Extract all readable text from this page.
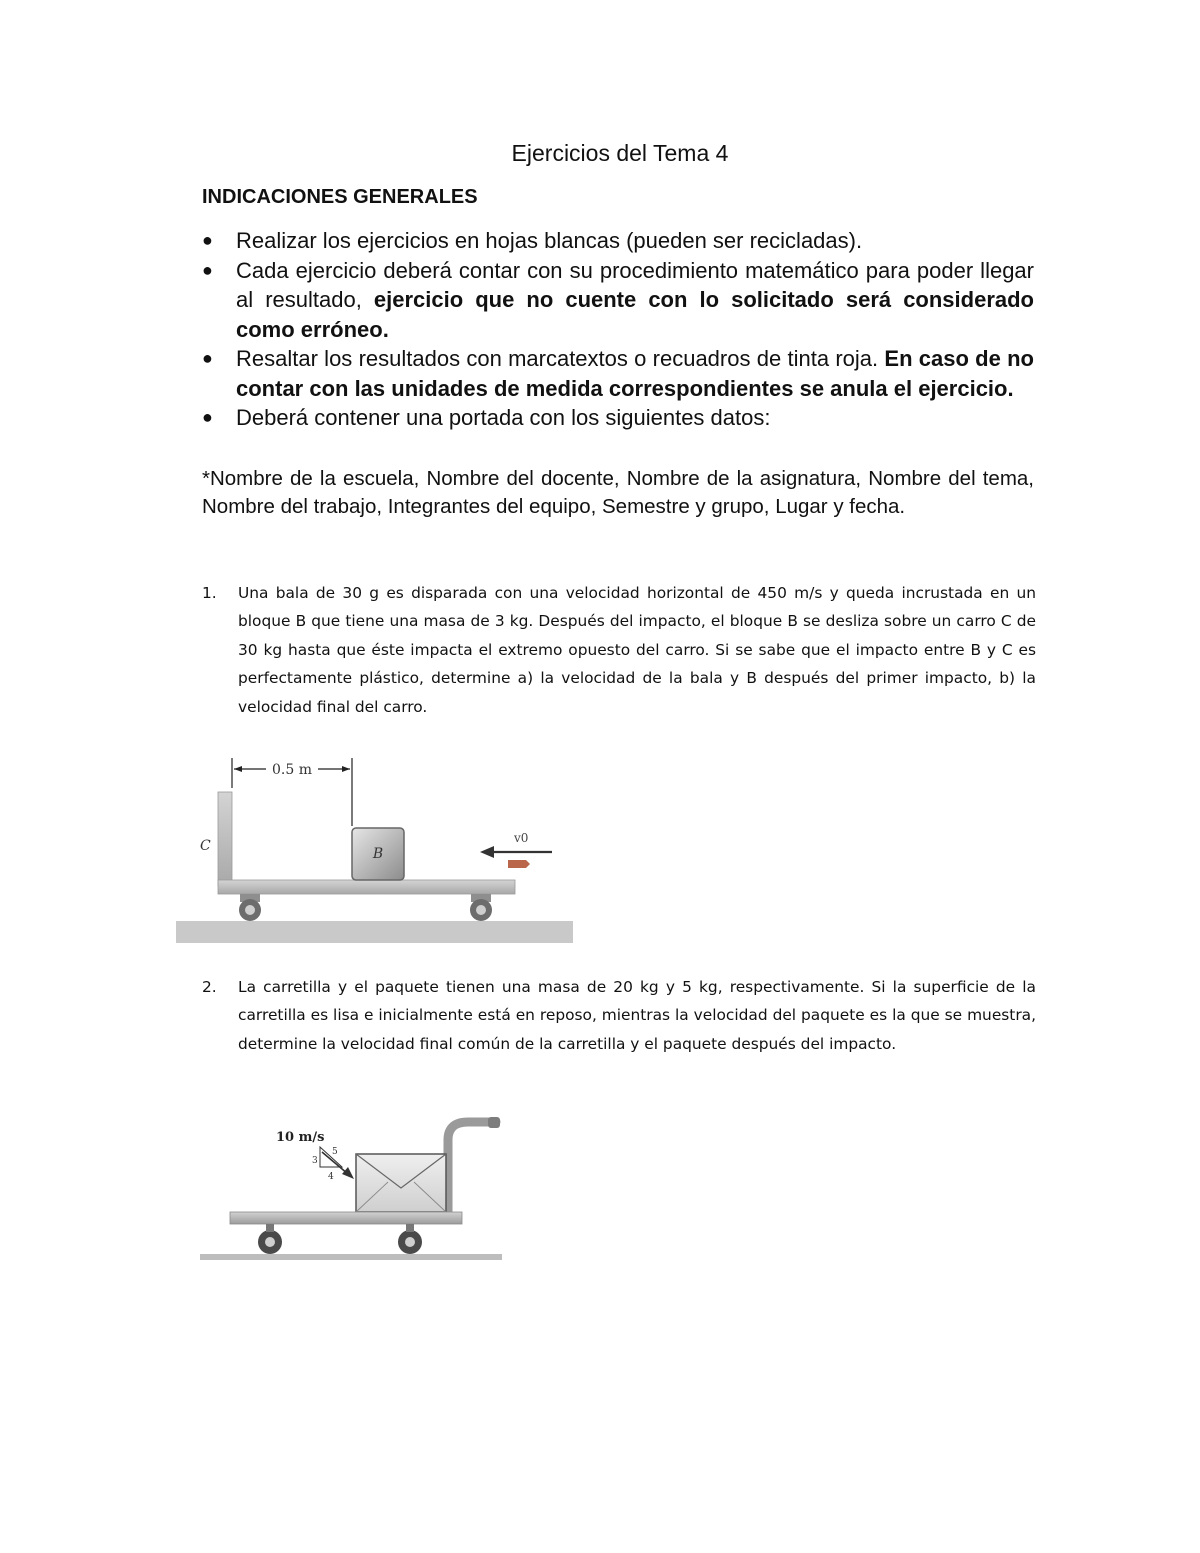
Ejercicios del Tema 4
INDICACIONES GENERALES
● Realizar los ejercicios en hojas blancas (pueden ser recicladas).
● Cada ejercicio deberá contar con su procedimiento matemático para poder llegar al resultado, ejercicio que no cuente con lo solicitado será considerado como erróneo.
● Resaltar los resultados con marcatextos o recuadros de tinta roja. En caso de no contar con las unidades de medida correspondientes se anula el ejercicio.
● Deberá contener una portada con los siguientes datos:
*Nombre de la escuela, Nombre del docente, Nombre de la asignatura, Nombre del tema, Nombre del trabajo, Integrantes del equipo, Semestre y grupo, Lugar y fecha.
1. Una bala de 30 g es disparada con una velocidad horizontal de 450 m/s y queda incrustada en un bloque B que tiene una masa de 3 kg. Después del impacto, el bloque B se desliza sobre un carro C de 30 kg hasta que éste impacta el extremo opuesto del carro. Si se sabe que el impacto entre B y C es perfectamente plástico, determine a) la velocidad de la bala y B después del primer impacto, b) la velocidad final del carro.
0.5 m
C	B
v0
2. La carretilla y el paquete tienen una masa de 20 kg y 5 kg, respectivamente. Si la superficie de la carretilla es lisa e inicialmente está en reposo, mientras la velocidad del paquete es la que se muestra, determine la velocidad final común de la carretilla y el paquete después del impacto.
10 m/s
5
3
4
